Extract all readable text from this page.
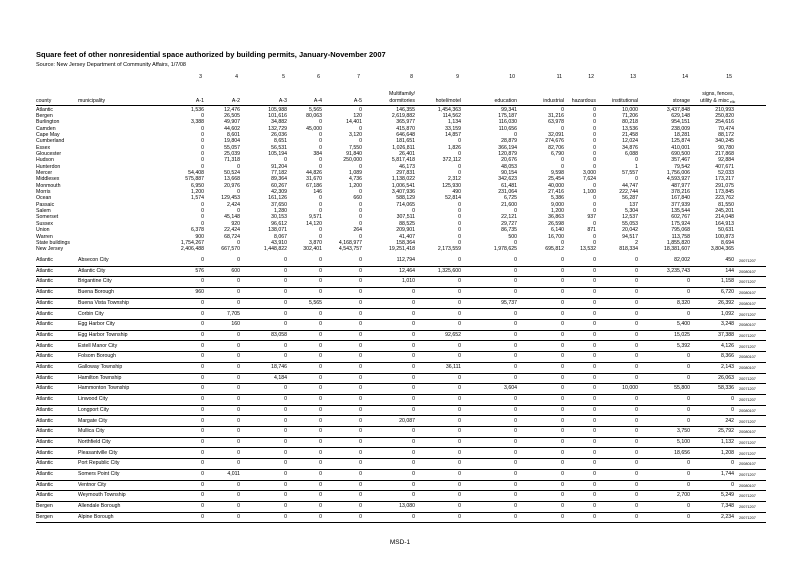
Square feet of other nonresidential space authorized by building permits, January-November 2007
Source: New Jersey Department of Community Affairs, 1/7/08
3	4	5	6	7	8	9	10	11	12	13	14	15
county	municipality	A-1	A-2	A-3	A-4	A-5
Multifamily/
dormitories	hotel/motel	education	industrial	hazardous	institutional	storage
signs, fences,
utility & misc ellc
Atlantic	1,536	12,476	105,988	5,565	0	146,355	1,454,363	99,341	0	0	10,000	3,437,848	210,993
Bergen	0	26,505	101,616	80,063	120	2,619,882	114,562	175,187	31,216	0	71,206	629,148	250,820
Burlington	3,388	49,907	34,882	0	14,401	365,977	1,134	116,030	63,978	0	80,218	954,151	254,616
Camden	0	44,602	132,729	45,000	0	415,870	33,159	110,656	0	0	13,536	238,009	70,474
Cape May	0	8,601	26,036	0	3,120	646,648	14,857	0	32,091	0	21,458	18,281	88,172
Cumberland	0	19,804	8,651	0	0	181,651	0	28,879	274,676	0	12,024	125,874	340,245
Essex	0	55,057	56,531	0	7,550	1,026,811	1,826	366,194	82,706	0	34,876	410,001	90,780
Gloucester	0	25,039	105,194	384	91,840	26,401	0	120,879	6,790	0	6,088	690,500	217,868
Hudson	0	71,318	0	0	250,000	5,817,418	372,112	20,676	0	0	0	357,467	92,884
Hunterdon	0	0	91,204	0	0	46,173	0	48,053	0	0	1	79,542	407,671
Mercer	54,408	50,524	77,182	44,826	1,089	297,831	0	90,154	9,598	3,000	57,557	1,756,006	52,033
Middlesex	575,887	13,668	89,364	31,670	4,736	1,138,022	2,312	342,623	25,454	7,624	0	4,593,927	173,217
Monmouth	6,950	20,976	60,267	67,186	1,200	1,006,541	125,930	61,481	40,000	0	44,747	487,977	291,075
Morris	1,200	0	42,309	146	0	3,407,936	490	231,064	27,416	1,100	222,744	378,216	173,845
Ocean	1,574	129,453	161,126	0	660	588,129	52,814	6,725	5,386	0	56,287	167,840	223,762
Passaic	0	2,424	37,650	0	0	714,065	0	21,600	9,000	0	137	377,939	81,550
Salem	0	0	1,280	0	0	0	0	0	1,200	0	5,304	135,544	245,201
Somerset	0	45,148	30,153	9,571	0	307,511	0	22,121	36,863	937	12,537	602,767	214,048
Sussex	0	920	96,612	14,120	0	88,525	0	29,727	26,598	0	55,053	175,924	164,913
Union	6,378	22,424	138,071	0	264	209,901	0	86,735	6,140	871	20,042	795,068	50,631
Warren	900	68,724	8,067	0	0	41,407	0	500	16,700	0	94,517	113,758	100,873
State buildings	1,754,267	0	43,910	3,870	4,168,977	158,364	0	0	0	0	2	1,855,820	8,694
New Jersey	2,406,488	667,570	1,448,822	302,401	4,543,757	19,251,418	2,173,559	1,978,625	695,812	13,532	818,334	18,381,607	3,804,365
Atlantic	Absecon City	0	0	0	0	0	112,794	0	0	0	0	0	82,002	450 20071207
Atlantic	Atlantic City	576	600	0	0	0	12,464	1,325,600	0	0	0	0	3,235,743	144 20080107
Atlantic	Brigantine City	0	0	0	0	0	1,010	0	0	0	0	0	0	1,158 20071207
Atlantic	Buena Borough	960	0	0	0	0	0	0	0	0	0	0	0	6,720 20080107
Atlantic	Buena Vista Township	0	0	0	5,565	0	0	0	95,737	0	0	0	8,320	26,392 20080107
Atlantic	Corbin City	0	7,705	0	0	0	0	0	0	0	0	0	0	1,092 20071207
Atlantic	Egg Harbor City	0	160	0	0	0	0	0	0	0	0	0	5,400	3,248 20080107
Atlantic	Egg Harbor Township	0	0	83,058	0	0	0	92,652	0	0	0	0	15,025	37,388 20071207
Atlantic	Estell Manor City	0	0	0	0	0	0	0	0	0	0	0	5,392	4,126 20071207
Atlantic	Folsom Borough	0	0	0	0	0	0	0	0	0	0	0	0	8,366 20080107
Atlantic	Galloway Township	0	0	18,746	0	0	0	36,111	0	0	0	0	0	2,143 20080107
Atlantic	Hamilton Township	0	0	4,184	0	0	0	0	0	0	0	0	0	26,063 20071207
Atlantic	Hammonton Township	0	0	0	0	0	0	0	3,604	0	0	10,000	55,800	58,336 20071207
Atlantic	Linwood City	0	0	0	0	0	0	0	0	0	0	0	0	0 20071207
Atlantic	Longport City	0	0	0	0	0	0	0	0	0	0	0	0	0 20080107
Atlantic	Margate City	0	0	0	0	0	20,087	0	0	0	0	0	0	242 20071207
Atlantic	Mullica City	0	0	0	0	0	0	0	0	0	0	0	3,750	25,792 20080107
Atlantic	Northfield City	0	0	0	0	0	0	0	0	0	0	0	5,100	1,132 20071207
Atlantic	Pleasantville City	0	0	0	0	0	0	0	0	0	0	0	18,656	1,208 20071207
Atlantic	Port Republic City	0	0	0	0	0	0	0	0	0	0	0	0	0 20080107
Atlantic	Somers Point City	0	4,011	0	0	0	0	0	0	0	0	0	0	1,744 20071207
Atlantic	Ventnor City	0	0	0	0	0	0	0	0	0	0	0	0	0 20080107
Atlantic	Weymouth Township	0	0	0	0	0	0	0	0	0	0	0	2,700	5,249 20071207
Bergen	Allendale Borough	0	0	0	0	0	13,080	0	0	0	0	0	0	7,348 20071207
Bergen	Alpine Borough	0	0	0	0	0	0	0	0	0	0	0	0	2,234 20071207
MSD-1
